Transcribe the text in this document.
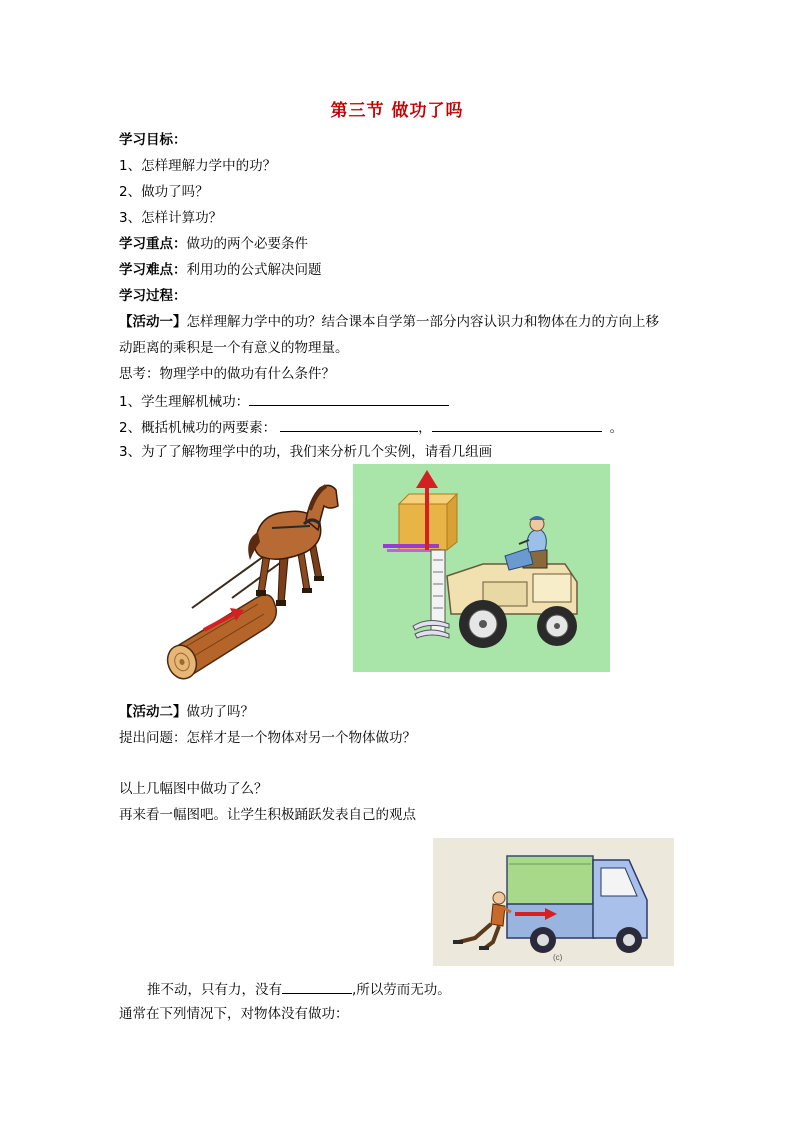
第三节 做功了吗
学习目标：
1、怎样理解力学中的功？
2、做功了吗？
3、怎样计算功？
学习重点：做功的两个必要条件
学习难点：利用功的公式解决问题
学习过程：
【活动一】怎样理解力学中的功？结合课本自学第一部分内容认识力和物体在力的方向上移
动距离的乘积是一个有意义的物理量。
思考：物理学中的做功有什么条件？
1、学生理解机械功：
2、概括机械功的两要素：	，	。
3、为了了解物理学中的功，我们来分析几个实例，请看几组画
【活动二】做功了吗？
提出问题：怎样才是一个物体对另一个物体做功？
以上几幅图中做功了么？
再来看一幅图吧。让学生积极踊跃发表自己的观点
(c)
推不动，只有力，没有	,所以劳而无功。
通常在下列情况下，对物体没有做功：
